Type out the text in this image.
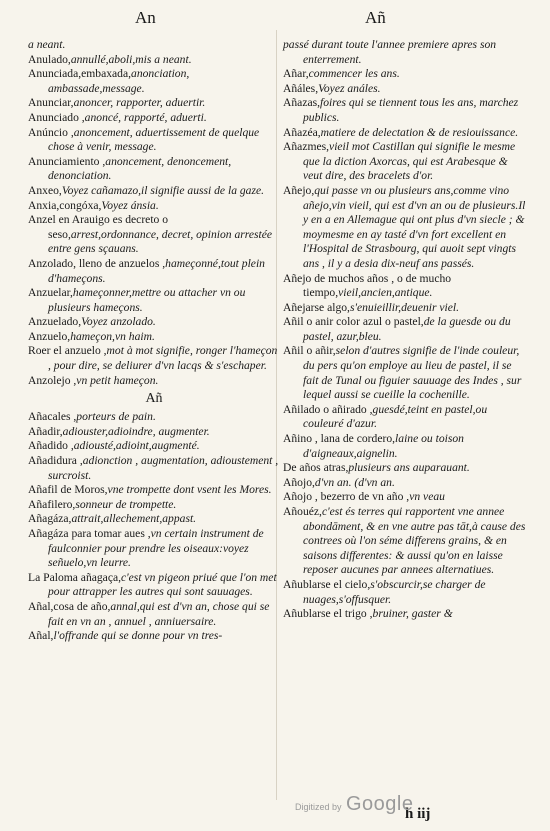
An	Añ

a neant.

Anulado,annullé,aboli,mis a neant.

Anunciada,embaxada,anonciation, ambassade,message.

Anunciar,anoncer, rapporter, aduertir.

Anunciado ,anoncé, rapporté, aduerti.

Anúncio ,anoncement, aduertissement de quelque chose à venir, message.

Anunciamiento ,anoncement, denoncement, denonciation.

Anxeo,Voyez cañamazo,il signifie aussi de la gaze.

Anxia,congóxa,Voyez ánsia.

Anzel en Arauigo es decreto o seso,arrest,ordonnance, decret, opinion arrestée entre gens sçauans.

Anzolado, lleno de anzuelos ,hameçonné,tout plein d'hameçons.

Anzuelar,hameçonner,mettre ou attacher vn ou plusieurs hameçons.

Anzuelado,Voyez anzolado.

Anzuelo,hameçon,vn haim.

Roer el anzuelo ,mot à mot signifie, ronger l'hameçon , pour dire, se deliurer d'vn lacqs & s'eschaper.

Anzolejo ,vn petit hameçon.

Añ

Añacales ,porteurs de pain.

Añadir,adiouster,adioindre, augmenter.

Añadido ,adiousté,adioint,augmenté.

Añadidura ,adionction , augmentation, adioustement , surcroist.

Añafil de Moros,vne trompette dont vsent les Mores.

Añafilero,sonneur de trompette.

Añagáza,attrait,allechement,appast.

Añagáza para tomar aues ,vn certain instrument de faulconnier pour prendre les oiseaux:voyez señuelo,vn leurre.

La Paloma añagaça,c'est vn pigeon priué que l'on met pour attrapper les autres qui sont sauuages.

Añal,cosa de año,annal,qui est d'vn an, chose qui se fait en vn an , annuel , anniuersaire.

Añal,l'offrande qui se donne pour vn tres-

passé durant toute l'annee premiere apres son enterrement.

Añar,commencer les ans.

Añáles,Voyez análes.

Añazas,foires qui se tiennent tous les ans, marchez publics.

Añazéa,matiere de delectation & de resiouissance.

Añazmes,vieil mot Castillan qui signifie le mesme que la diction Axorcas, qui est Arabesque & veut dire, des bracelets d'or.

Añejo,qui passe vn ou plusieurs ans,comme vino añejo,vin vieil, qui est d'vn an ou de plusieurs.Il y en a en Allemague qui ont plus d'vn siecle ; & moymesme en ay tasté d'vn fort excellent en l'Hospital de Strasbourg, qui auoit sept vingts ans , il y a desia dix-neuf ans passés.

Añejo de muchos años , o de mucho tiempo,vieil,ancien,antique.

Añejarse algo,s'enuieillir,deuenir viel.

Añil o anir color azul o pastel,de la guesde ou du pastel, azur,bleu.

Añil o añir,selon d'autres signifie de l'inde couleur, du pers qu'on employe au lieu de pastel, il se fait de Tunal ou figuier sauuage des Indes , sur lequel aussi se cueille la cochenille.

Añilado o añirado ,guesdé,teint en pastel,ou couleuré d'azur.

Añino , lana de cordero,laine ou toison d'aigneaux,aignelin.

De años atras,plusieurs ans auparauant.

Añojo,d'vn an. (d'vn an.

Añojo , bezerro de vn año ,vn veau

Añouéz,c'est és terres qui rapportent vne annee abondāment, & en vne autre pas tāt,à cause des contrees où l'on séme differens grains, & en saisons differentes: & aussi qu'on en laisse reposer aucunes par annees alternatiues.

Añublarse el cielo,s'obscurcir,se charger de nuages,s'offusquer.

Añublarse el trigo ,bruiner, gaster &

h iij
Digitized by Google
